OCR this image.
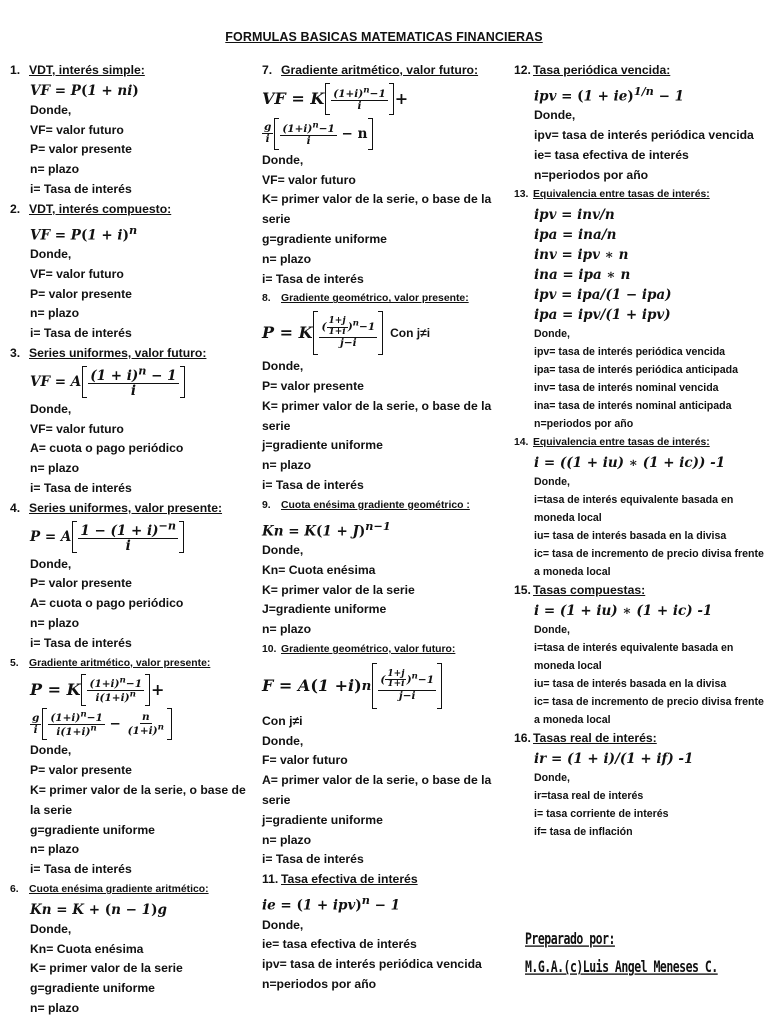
FORMULAS BASICAS MATEMATICAS FINANCIERAS
1. VDT, interés simple:
VF = P(1 + ni)
Donde,
VF= valor futuro
P= valor presente
n= plazo
i= Tasa de interés
2. VDT, interés compuesto:
VF = $P(1 + i)^n$
Donde,
VF= valor futuro
P= valor presente
n= plazo
i= Tasa de interés
3. Series uniformes, valor futuro:
VF = A $\frac{(1 + i)^n - 1}{i}$
Donde,
VF= valor futuro
A= cuota o pago periódico
n= plazo
i= Tasa de interés
4. Series uniformes, valor presente:
P = A $\frac{1 - (1 + i)^{-n}}{i}$
Donde,
P= valor presente
A= cuota o pago periódico
n= plazo
i= Tasa de interés
5. Gradiente aritmético, valor presente:
P = K $\frac{(1+i)^n-1}{i(1+i)^n}$ +
$\frac{g}{i} \frac{(1+i)^n-1}{i(1+i)^n} - \frac{n}{(1+i)^n}$
Donde,
P= valor presente
K= primer valor de la serie, o base de la serie
g=gradiente uniforme
n= plazo
i= Tasa de interés
6. Cuota enésima gradiente aritmético:
Kn = K + (n − 1)g
Donde,
Kn= Cuota enésima
K= primer valor de la serie
g=gradiente uniforme
n= plazo
7. Gradiente aritmético, valor futuro:
VF = K $\frac{(1+i)^n-1}{i}$ +
$\frac{g}{i} \frac{(1+i)^n-1}{i} - n$
Donde,
VF= valor futuro
K= primer valor de la serie, o base de la serie
g=gradiente uniforme
n= plazo
i= Tasa de interés
8. Gradiente geométrico, valor presente:
P = K $\frac{( \frac{1+j}{1+i} )^n-1}{j-i}$ Con j≠i
Donde,
P= valor presente
K= primer valor de la serie, o base de la serie
j=gradiente uniforme
n= plazo
i= Tasa de interés
9. Cuota enésima gradiente geométrico :
$Kn = K(1 + J)^{n-1}$
Donde,
Kn= Cuota enésima
K= primer valor de la serie
J=gradiente uniforme
n= plazo
10. Gradiente geométrico, valor futuro:
F = A ( 1 + i ) n $\frac{( \frac{1+j}{1+i} )^n-1}{j-i}$
Con j≠i
Donde,
F= valor futuro
A= primer valor de la serie, o base de la serie
j=gradiente uniforme
n= plazo
i= Tasa de interés
11. Tasa efectiva de interés
ie = (1 + ipv)$^n$ − 1
Donde,
ie= tasa efectiva de interés
ipv= tasa de interés periódica vencida
n=periodos por año
12. Tasa periódica vencida:
ipv = (1 + ie)$^{1/n}$ − 1
Donde,
ipv= tasa de interés periódica vencida
ie= tasa efectiva de interés
n=periodos por año
13. Equivalencia entre tasas de interés:
ipv = inv/n
ipa = ina/n
inv = ipv ∗ n
ina = ipa ∗ n
ipv = ipa/(1 − ipa)
ipa = ipv/(1 + ipv)
Donde,
ipv= tasa de interés periódica vencida
ipa= tasa de interés periódica anticipada
inv= tasa de interés nominal vencida
ina= tasa de interés nominal anticipada
n=periodos por año
14. Equivalencia entre tasas de interés:
i = ((1 + iu) ∗ (1 + ic)) -1
Donde,
i=tasa de interés equivalente basada en moneda local
iu= tasa de interés basada en la divisa
ic= tasa de incremento de precio divisa frente a moneda local
15. Tasas compuestas:
i = (1 + iu) ∗ (1 + ic) -1
Donde,
i=tasa de interés equivalente basada en moneda local
iu= tasa de interés basada en la divisa
ic= tasa de incremento de precio divisa frente a moneda local
16. Tasas real de interés:
ir = (1 + i)/(1 + if) -1
Donde,
ir=tasa real de interés
i= tasa corriente de interés
if= tasa de inflación
Preparado por:
M.G.A.(c)Luis Angel Meneses C.
